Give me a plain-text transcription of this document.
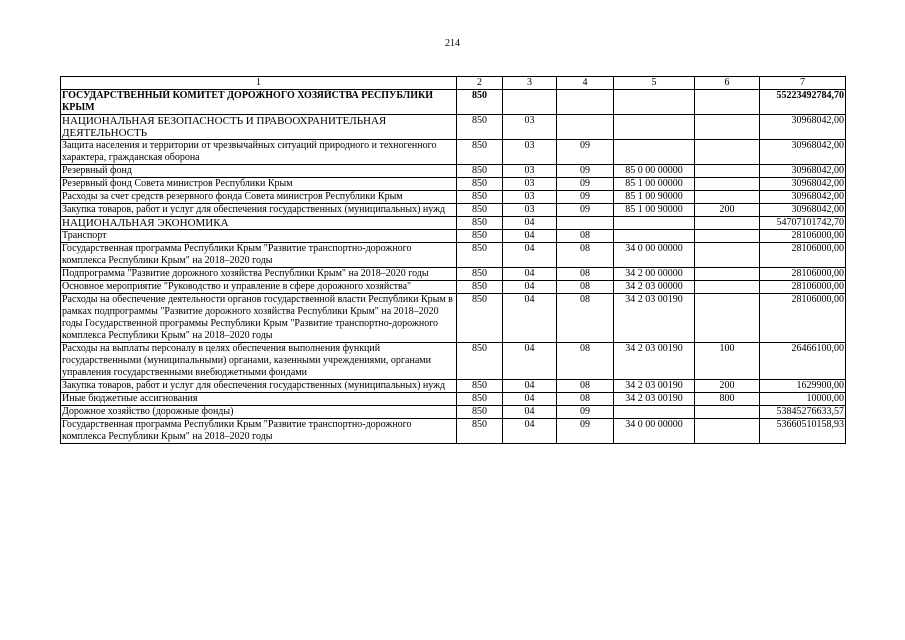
214
1	2	3	4	5	6	7
ГОСУДАРСТВЕННЫЙ КОМИТЕТ ДОРОЖНОГО ХОЗЯЙСТВА РЕСПУБЛИКИ КРЫМ	850					55223492784,70
НАЦИОНАЛЬНАЯ БЕЗОПАСНОСТЬ И ПРАВООХРАНИТЕЛЬНАЯ ДЕЯТЕЛЬНОСТЬ	850	03				30968042,00
Защита населения и территории от чрезвычайных ситуаций природного и техногенного характера, гражданская оборона	850	03	09			30968042,00
Резервный фонд	850	03	09	85 0 00 00000		30968042,00
Резервный фонд Совета министров Республики Крым	850	03	09	85 1 00 00000		30968042,00
Расходы за счет средств резервного фонда Совета министров Республики Крым	850	03	09	85 1 00 90000		30968042,00
Закупка товаров, работ и услуг для обеспечения государственных (муниципальных) нужд	850	03	09	85 1 00 90000	200	30968042,00
НАЦИОНАЛЬНАЯ ЭКОНОМИКА	850	04				54707101742,70
Транспорт	850	04	08			28106000,00
Государственная программа Республики Крым "Развитие транспортно-дорожного комплекса Республики Крым" на 2018–2020 годы	850	04	08	34 0 00 00000		28106000,00
Подпрограмма "Развитие дорожного хозяйства Республики Крым" на 2018–2020 годы	850	04	08	34 2 00 00000		28106000,00
Основное мероприятие "Руководство и управление в сфере дорожного хозяйства"	850	04	08	34 2 03 00000		28106000,00
Расходы на обеспечение деятельности органов государственной власти Республики Крым в рамках подпрограммы "Развитие дорожного хозяйства Республики Крым" на 2018–2020 годы Государственной программы Республики Крым "Развитие транспортно-дорожного комплекса Республики Крым" на 2018–2020 годы	850	04	08	34 2 03 00190		28106000,00
Расходы на выплаты персоналу в целях обеспечения выполнения функций государственными (муниципальными) органами, казенными учреждениями, органами управления государственными внебюджетными фондами	850	04	08	34 2 03 00190	100	26466100,00
Закупка товаров, работ и услуг для обеспечения государственных (муниципальных) нужд	850	04	08	34 2 03 00190	200	1629900,00
Иные бюджетные ассигнования	850	04	08	34 2 03 00190	800	10000,00
Дорожное хозяйство (дорожные фонды)	850	04	09			53845276633,57
Государственная программа Республики Крым "Развитие транспортно-дорожного комплекса Республики Крым" на 2018–2020 годы	850	04	09	34 0 00 00000		53660510158,93
